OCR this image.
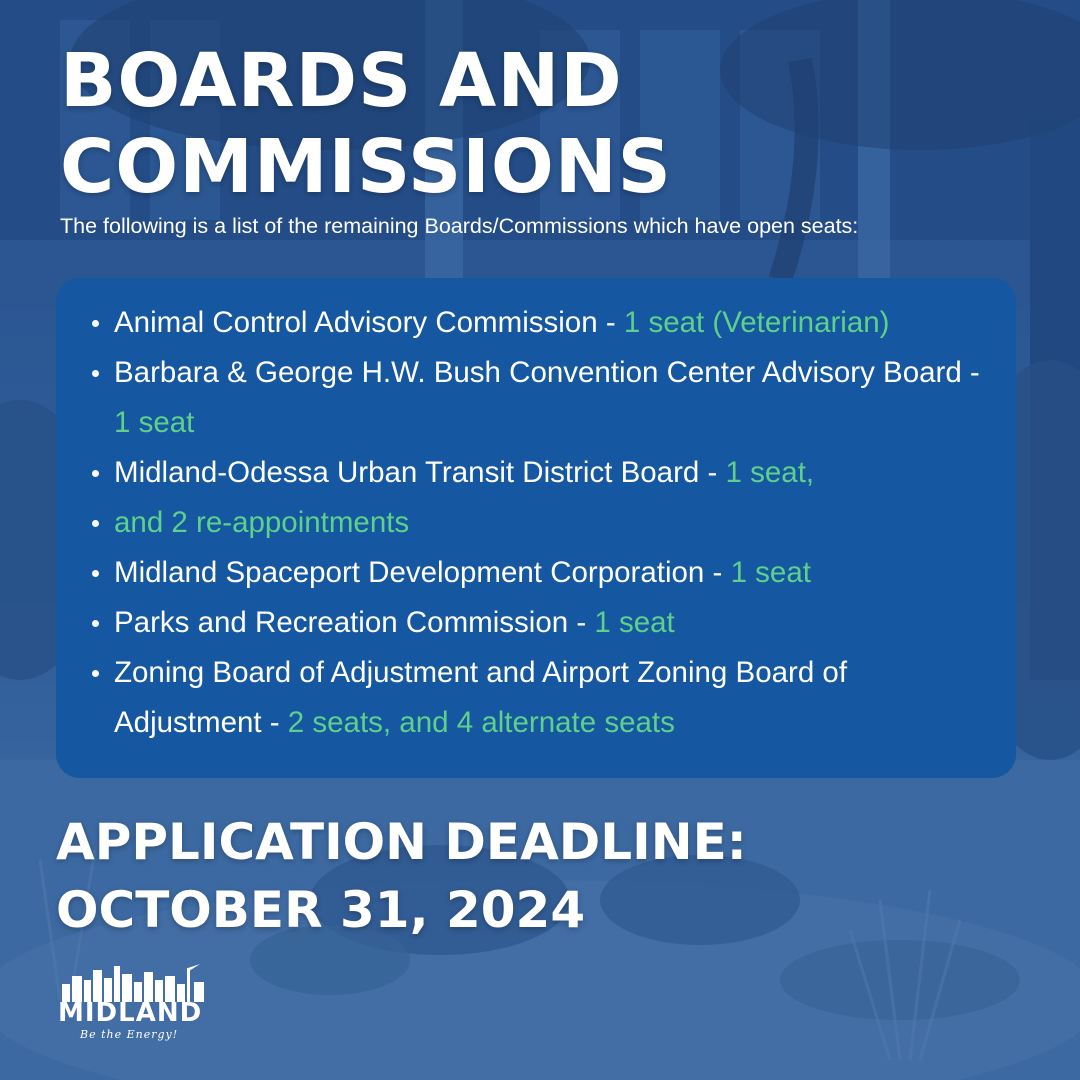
BOARDS AND
COMMISSIONS

The following is a list of the remaining Boards/Commissions which have open seats:

Animal Control Advisory Commission - 1 seat (Veterinarian)
Barbara & George H.W. Bush Convention Center Advisory Board - 1 seat
Midland-Odessa Urban Transit District Board - 1 seat,
and 2 re-appointments
Midland Spaceport Development Corporation - 1 seat
Parks and Recreation Commission - 1 seat
Zoning Board of Adjustment and Airport Zoning Board of Adjustment - 2 seats, and 4 alternate seats
APPLICATION DEADLINE:
OCTOBER 31, 2024
MIDLAND
Be the Energy!
